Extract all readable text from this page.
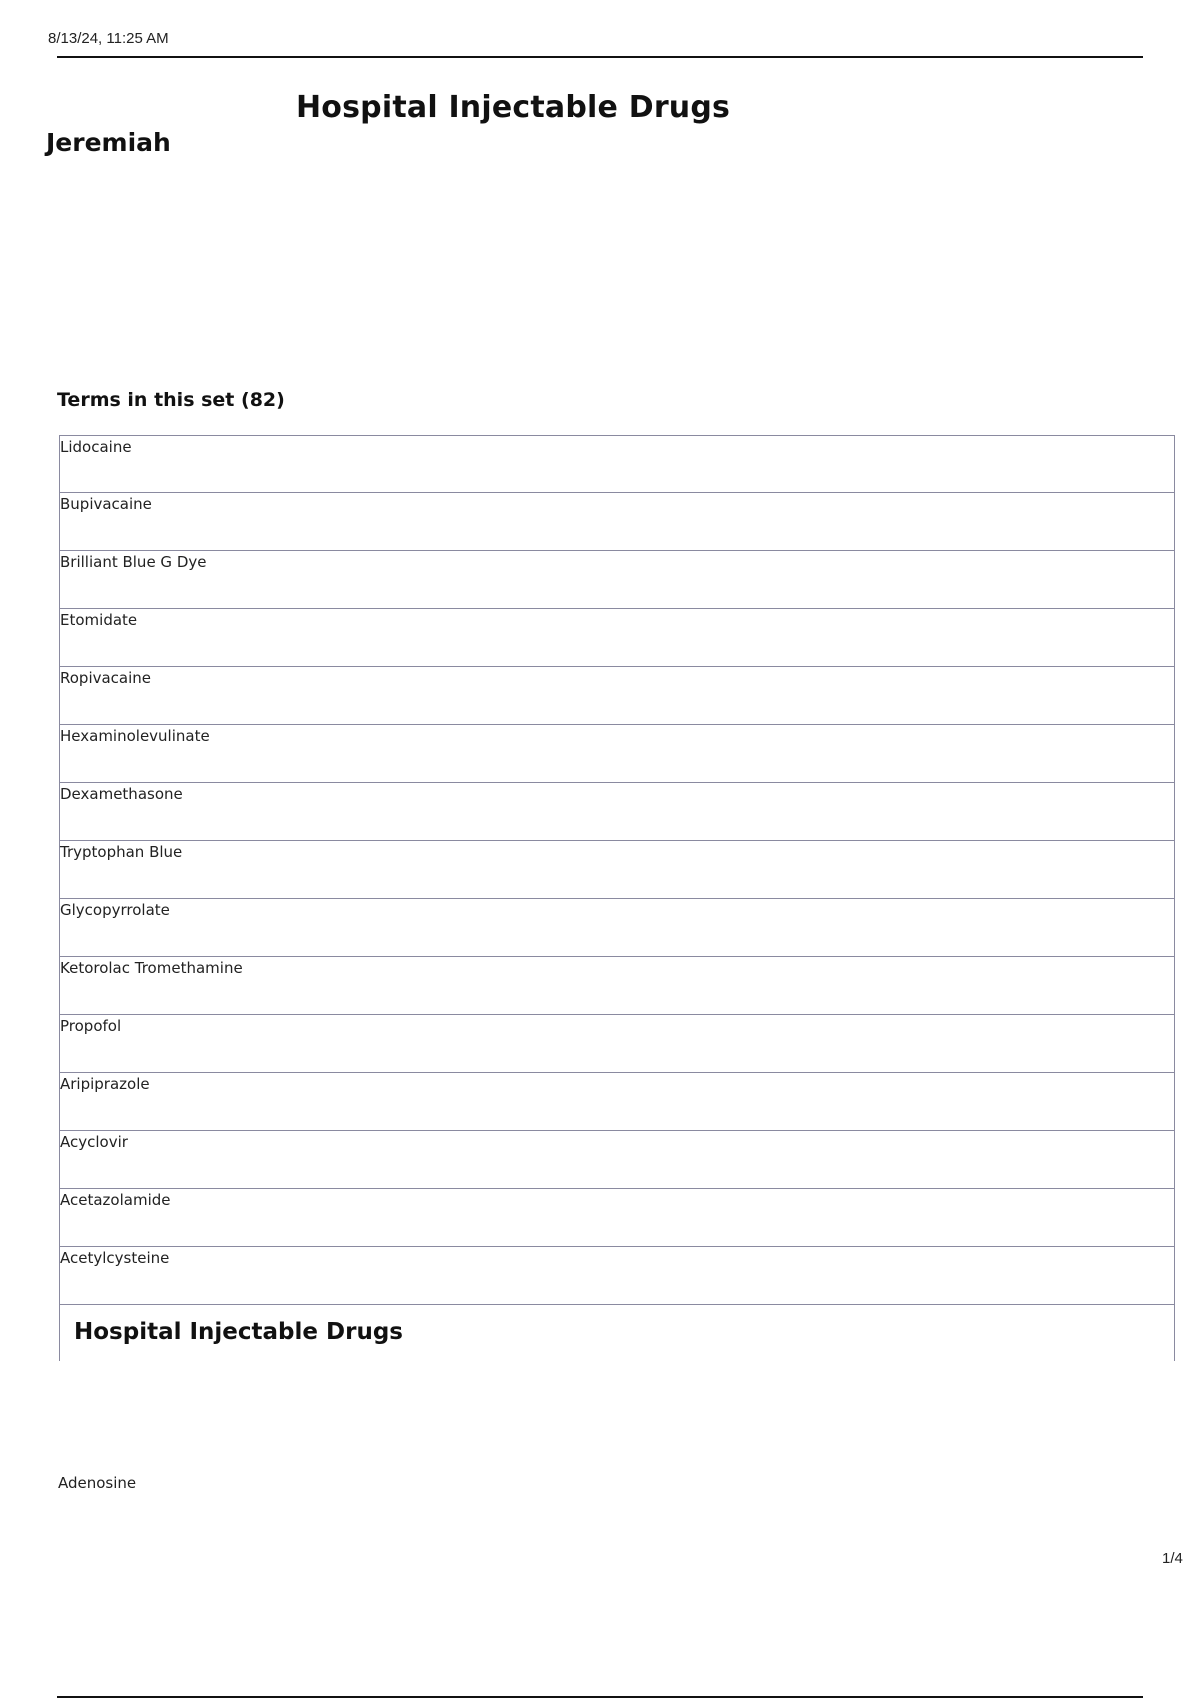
8/13/24, 11:25 AM
Hospital Injectable Drugs
Jeremiah
Terms in this set (82)
Lidocaine
Bupivacaine
Brilliant Blue G Dye
Etomidate
Ropivacaine
Hexaminolevulinate
Dexamethasone
Tryptophan Blue
Glycopyrrolate
Ketorolac Tromethamine
Propofol
Aripiprazole
Acyclovir
Acetazolamide
Acetylcysteine
Hospital Injectable Drugs
Adenosine
1/4
